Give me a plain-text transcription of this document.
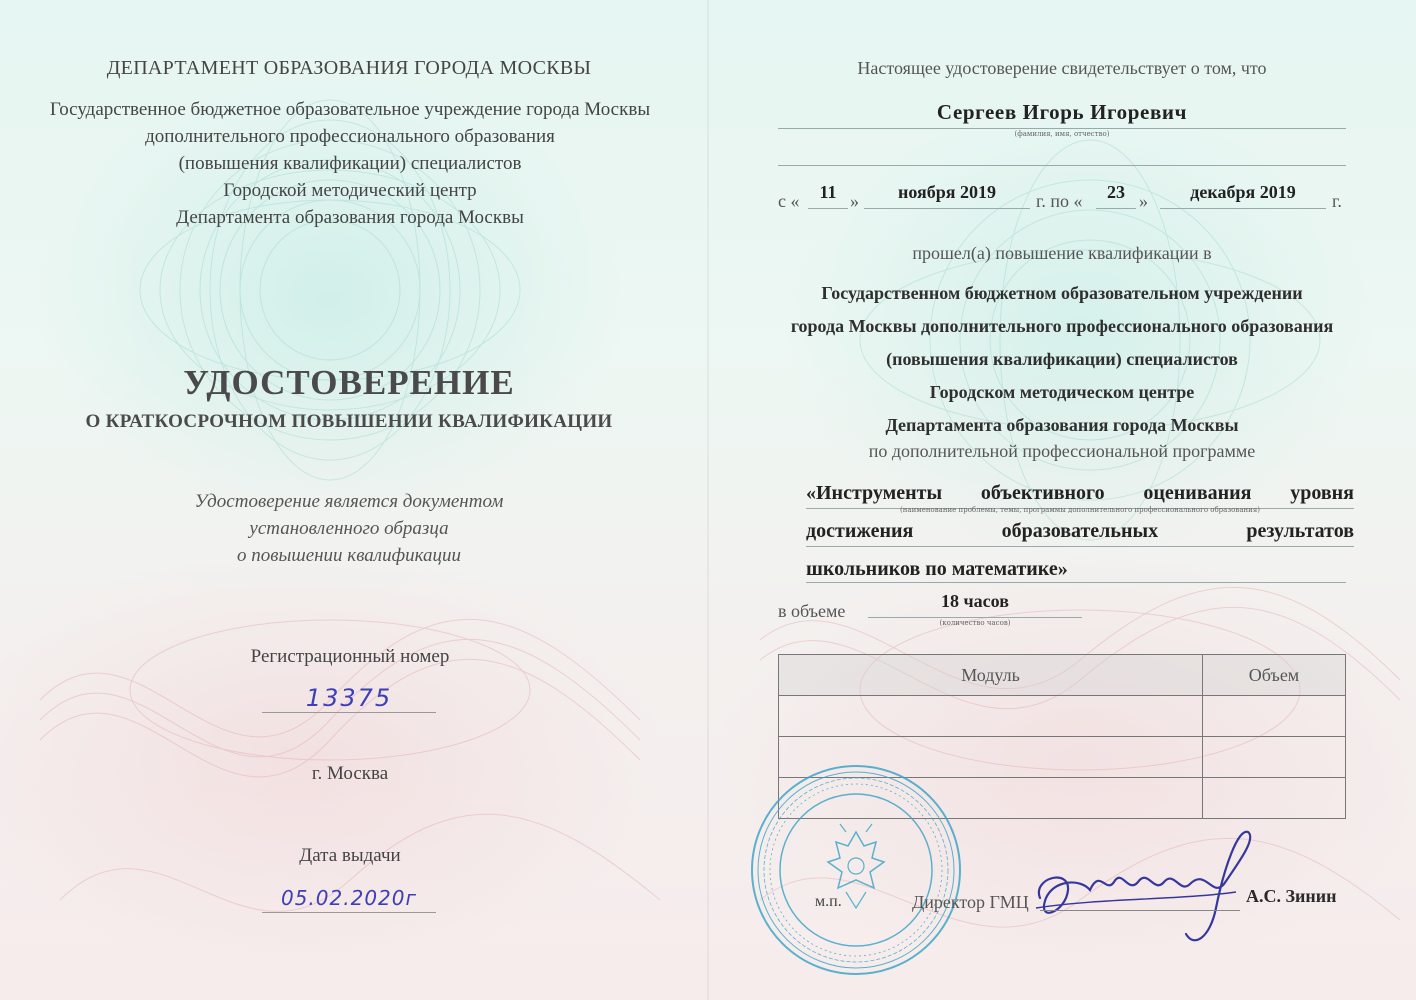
ДЕПАРТАМЕНТ ОБРАЗОВАНИЯ ГОРОДА МОСКВЫ
Государственное бюджетное образовательное учреждение города Москвы
дополнительного профессионального образования
(повышения квалификации) специалистов
Городской методический центр
Департамента образования города Москвы
УДОСТОВЕРЕНИЕ
О КРАТКОСРОЧНОМ ПОВЫШЕНИИ КВАЛИФИКАЦИИ
Удостоверение является документом
установленного образца
о повышении квалификации
Регистрационный номер
13375
г. Москва
Дата выдачи
05.02.2020г
Настоящее удостоверение свидетельствует о том, что
Сергеев Игорь Игоревич
(фамилия, имя, отчество)
с «	11 »	ноября 2019	г. по «	23 »	декабря 2019	г.
прошел(а) повышение квалификации в
Государственном бюджетном образовательном учреждении
города Москвы дополнительного профессионального образования
(повышения квалификации) специалистов
Городском методическом центре
Департамента образования города Москвы
по дополнительной профессиональной программе
«Инструменты объективного оценивания уровня
(наименование проблемы, темы, программы дополнительного профессионального образования)
достижения образовательных результатов
школьников по математике»
в объеме	18 часов
(количество часов)
Модуль	Объем

м.п.	Директор ГМЦ	А.С. Зинин
